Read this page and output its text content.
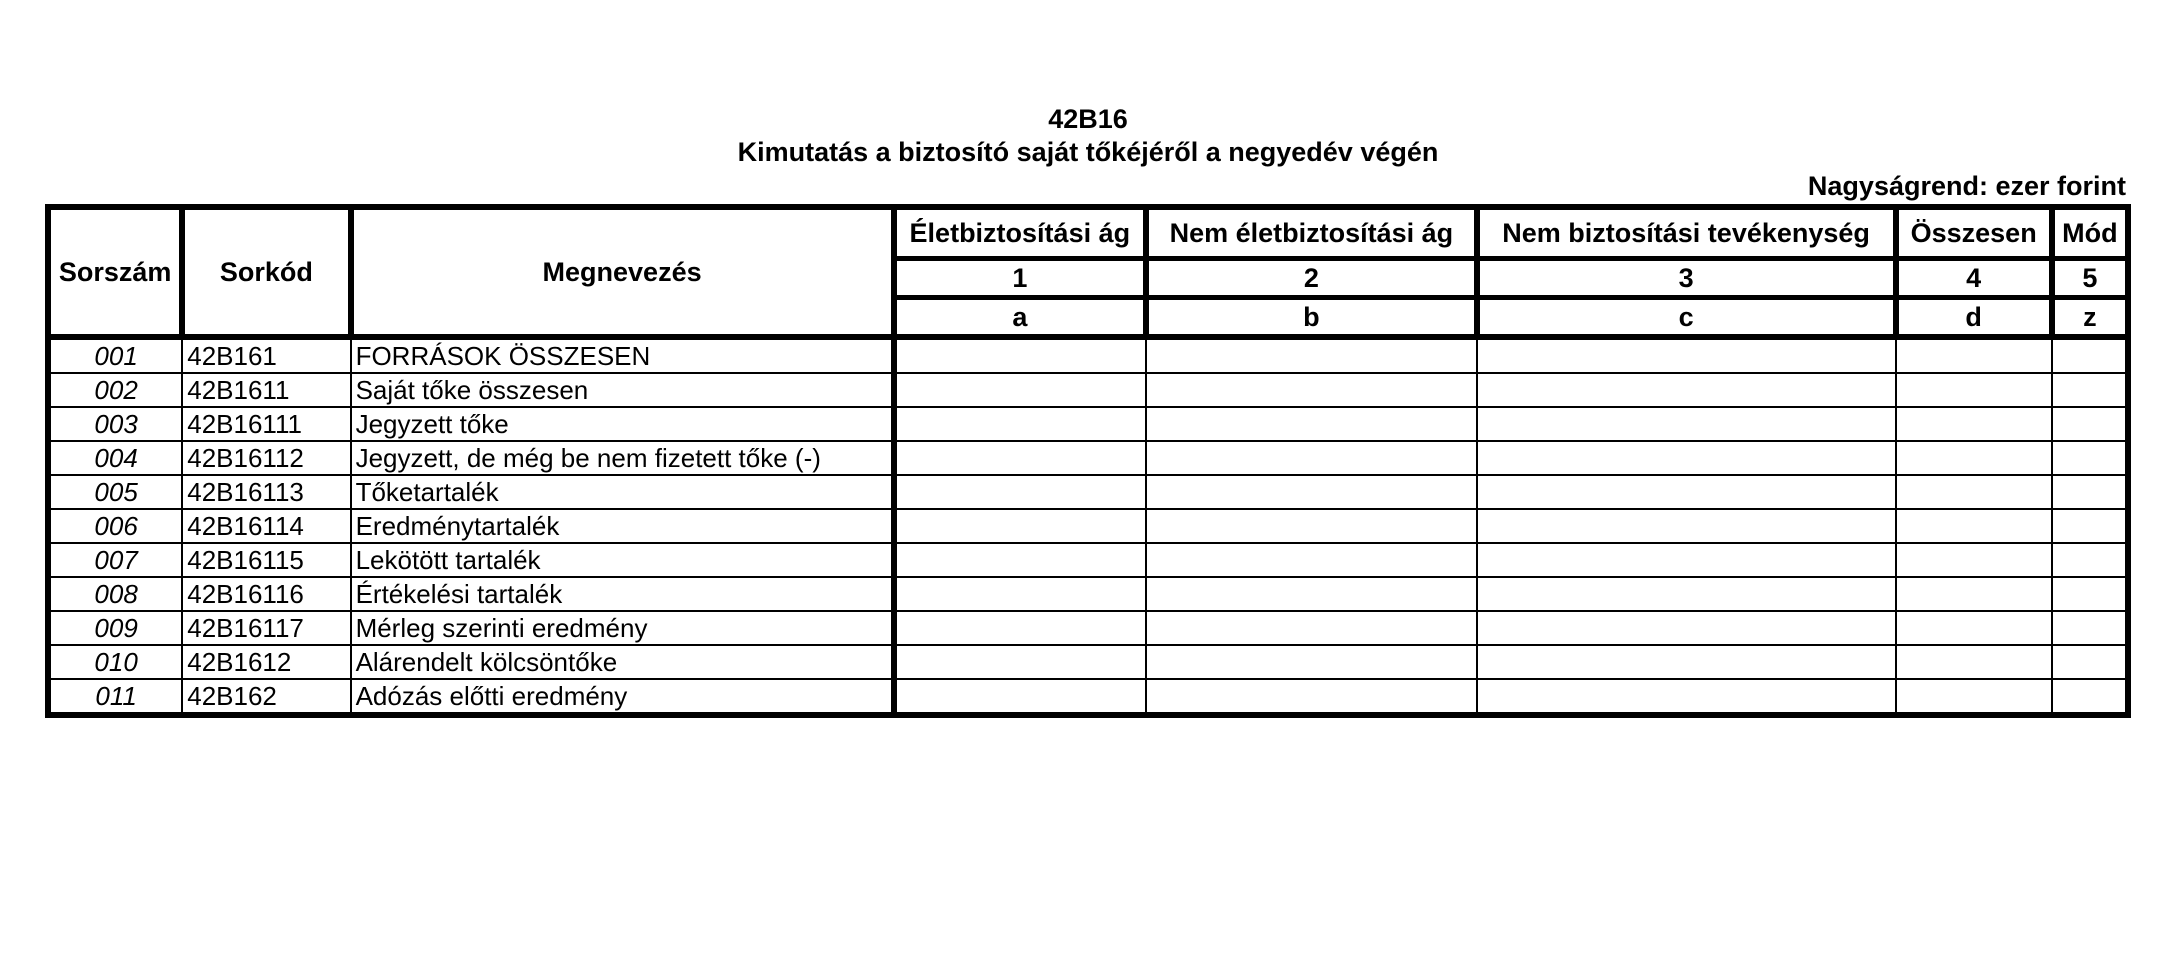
42B16
Kimutatás a biztosító saját tőkéjéről a negyedév végén
Nagyságrend: ezer forint
Sorszám	Sorkód	Megnevezés	Életbiztosítási ág	Nem életbiztosítási ág	Nem biztosítási tevékenység	Összesen	Mód
			1	2	3	4	5
			a	b	c	d	z
001	42B161	FORRÁSOK ÖSSZESEN					
002	42B1611	Saját tőke összesen					
003	42B16111	Jegyzett tőke					
004	42B16112	Jegyzett, de még be nem fizetett tőke (-)					
005	42B16113	Tőketartalék					
006	42B16114	Eredménytartalék					
007	42B16115	Lekötött tartalék					
008	42B16116	Értékelési tartalék					
009	42B16117	Mérleg szerinti eredmény					
010	42B1612	Alárendelt kölcsöntőke					
011	42B162	Adózás előtti eredmény					
